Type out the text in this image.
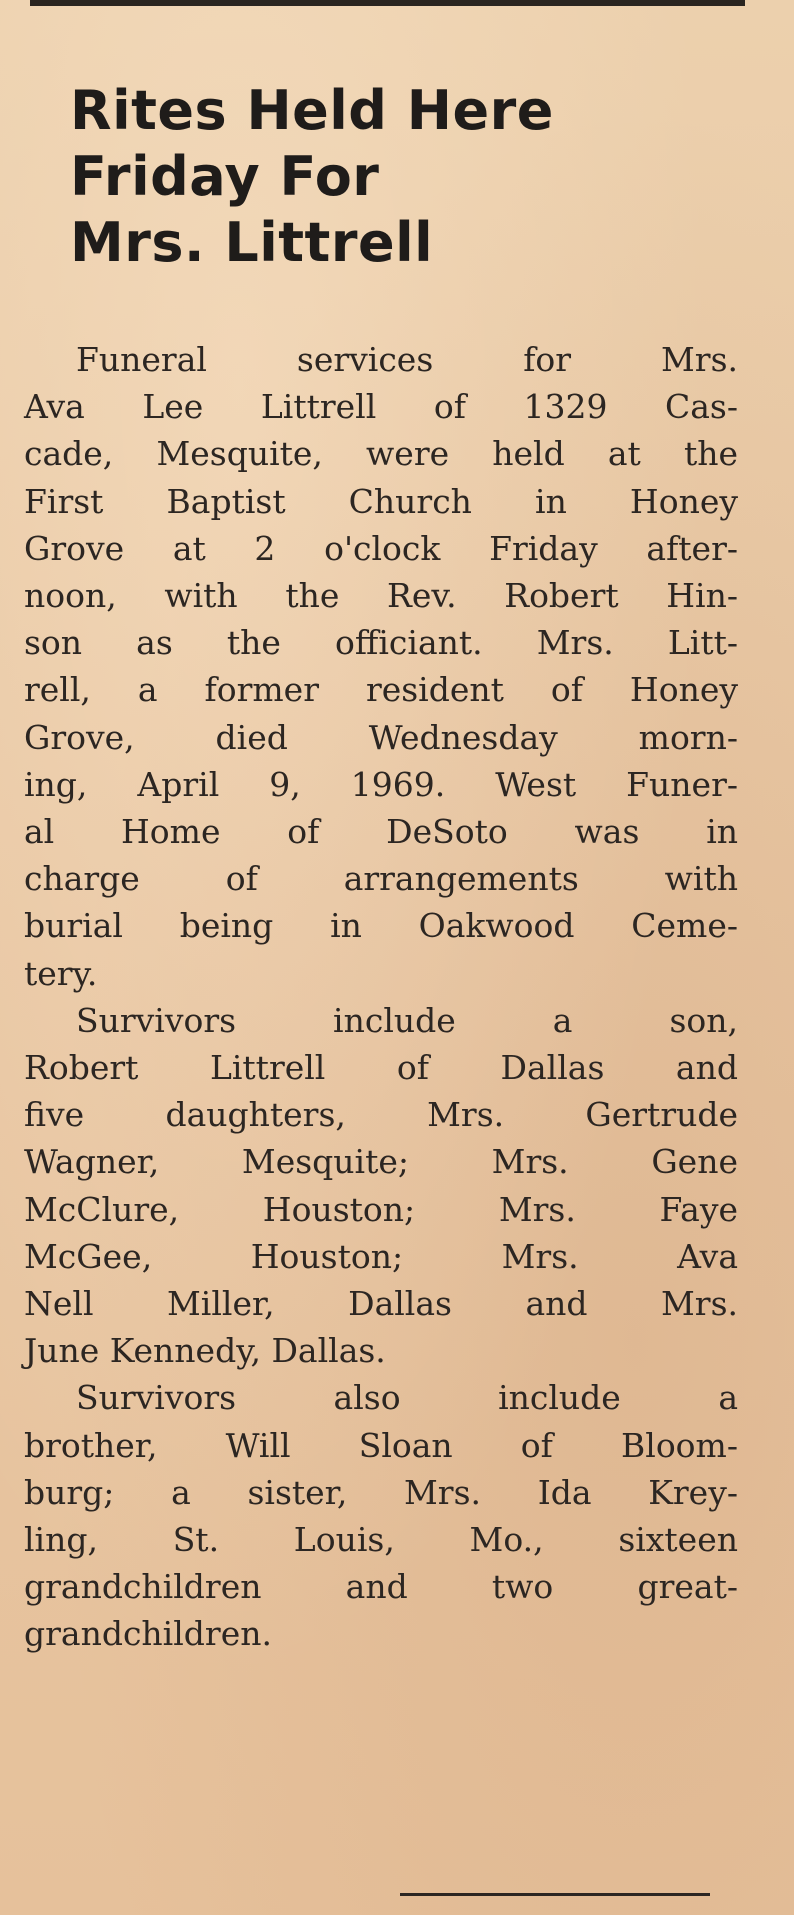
Rites Held Here
Friday For
Mrs. Littrell

Funeral services for Mrs.
Ava Lee Littrell of 1329 Cas-
cade, Mesquite, were held at the
First Baptist Church in Honey
Grove at 2 o'clock Friday after-
noon, with the Rev. Robert Hin-
son as the officiant. Mrs. Litt-
rell, a former resident of Honey
Grove, died Wednesday morn-
ing, April 9, 1969. West Funer-
al Home of DeSoto was in
charge of arrangements with
burial being in Oakwood Ceme-
tery.

Survivors include a son,
Robert Littrell of Dallas and
five daughters, Mrs. Gertrude
Wagner, Mesquite; Mrs. Gene
McClure, Houston; Mrs. Faye
McGee, Houston; Mrs. Ava
Nell Miller, Dallas and Mrs.
June Kennedy, Dallas.

Survivors also include a
brother, Will Sloan of Bloom-
burg; a sister, Mrs. Ida Krey-
ling, St. Louis, Mo., sixteen
grandchildren and two great-
grandchildren.
